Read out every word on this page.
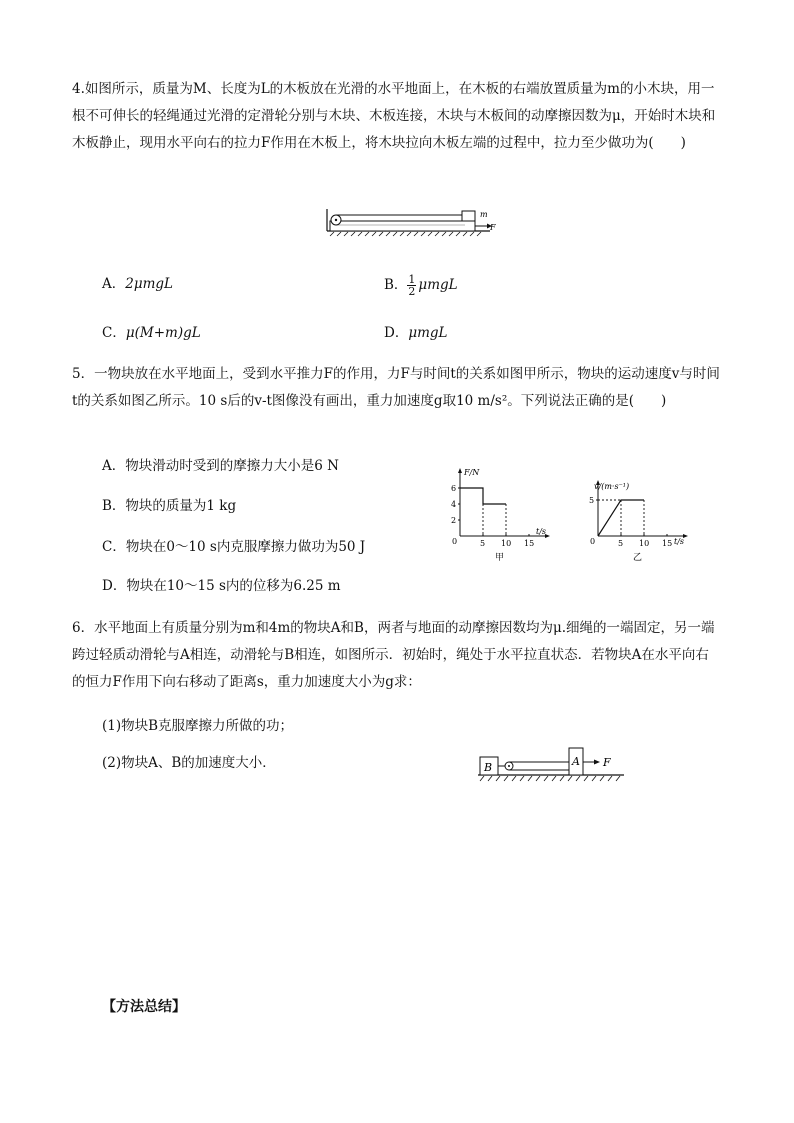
4.如图所示，质量为M、长度为L的木板放在光滑的水平地面上，在木板的右端放置质量为m的小木块，用一根不可伸长的轻绳通过光滑的定滑轮分别与木块、木板连接，木块与木板间的动摩擦因数为μ，开始时木块和木板静止，现用水平向右的拉力F作用在木板上，将木块拉向木板左端的过程中，拉力至少做功为(　　)

m
F
A．2μmgL	B． $\frac{1}{2}$ μmgL
C．μ(M+m)gL	D．μmgL

5．一物块放在水平地面上，受到水平推力F的作用，力F与时间t的关系如图甲所示，物块的运动速度v与时间t的关系如图乙所示。10 s后的v-t图像没有画出，重力加速度g取10 m/s²。下列说法正确的是(　　)

A．物块滑动时受到的摩擦力大小是6 N
B．物块的质量为1 kg
C．物块在0～10 s内克服摩擦力做功为50 J
D．物块在10～15 s内的位移为6.25 m
2
4
6
5 10 15
F/N
t/s
0
甲
5
5 10 15
v/(m·s⁻¹)
t/s
0
乙

6．水平地面上有质量分别为m和4m的物块A和B，两者与地面的动摩擦因数均为μ.细绳的一端固定，另一端跨过轻质动滑轮与A相连，动滑轮与B相连，如图所示．初始时，绳处于水平拉直状态．若物块A在水平向右的恒力F作用下向右移动了距离s，重力加速度大小为g求：

(1)物块B克服摩擦力所做的功；
(2)物块A、B的加速度大小．	B	A F
【方法总结】
